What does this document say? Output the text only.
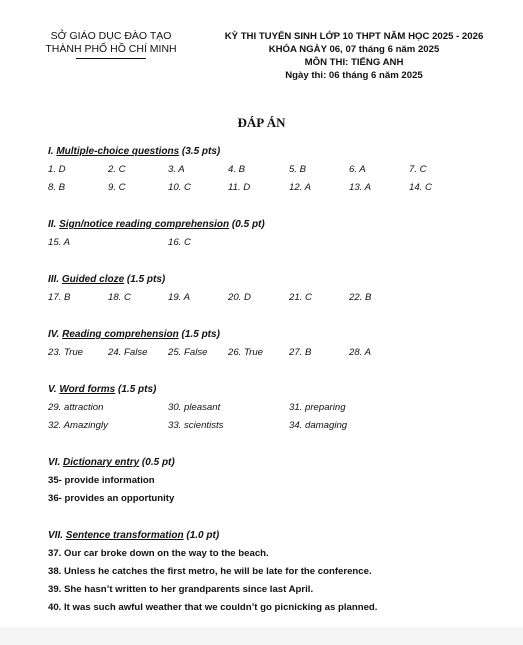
SỞ GIÁO DỤC ĐÀO TẠO
THÀNH PHỐ HỒ CHÍ MINH
KỲ THI TUYỂN SINH LỚP 10 THPT NĂM HỌC 2025 - 2026
KHÓA NGÀY 06, 07 tháng 6 năm 2025
MÔN THI: TIẾNG ANH
Ngày thi: 06 tháng 6 năm 2025
ĐÁP ÁN
I. Multiple-choice questions (3.5 pts)
1. D	2. C	3. A	4. B	5. B	6. A	7. C
8. B	9. C	10. C	11. D	12. A	13. A	14. C
II. Sign/notice reading comprehension (0.5 pt)
15. A	16. C
III. Guided cloze (1.5 pts)
17. B	18. C	19. A	20. D	21. C	22. B
IV. Reading comprehension (1.5 pts)
23. True	24. False 25. False 26. True	27. B	28. A
V. Word forms (1.5 pts)
29. attraction	30. pleasant	31. preparing
32. Amazingly	33. scientists	34. damaging
VI. Dictionary entry (0.5 pt)
35- provide information
36- provides an opportunity
VII. Sentence transformation (1.0 pt)
37. Our car broke down on the way to the beach.
38. Unless he catches the first metro, he will be late for the conference.
39. She hasn’t written to her grandparents since last April.
40. It was such awful weather that we couldn’t go picnicking as planned.
